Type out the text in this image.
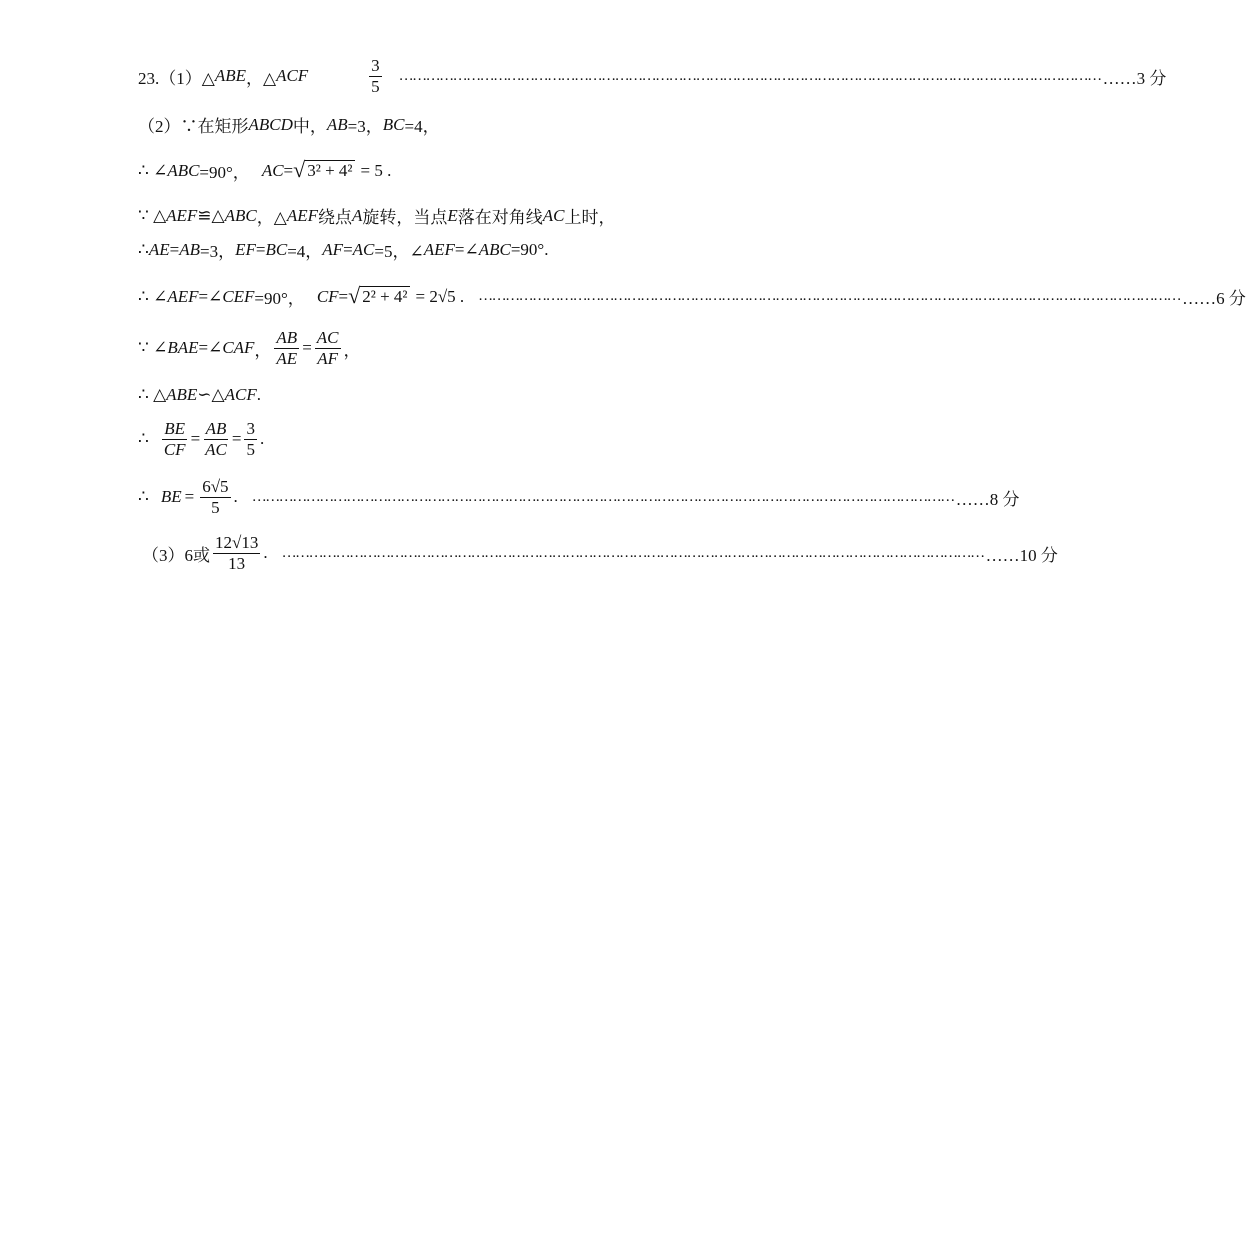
23.（1）△ ABE ，△ ACF	$\frac{3}{5}$ ………………………………………………………………………………………………………………………………………… ……3 分
（2）∵在矩形 ABCD 中， AB =3， BC =4，
∴ ∠ ABC =90°， AC = √ 3² + 4² = 5 .
∵ △ AEF ≌△ ABC ，△ AEF 绕点 A 旋转，当点 E 落在对角线 AC 上时，
∴ AE = AB =3， EF = BC =4， AF = AC =5，∠ AEF =∠ ABC =90°.
∴ ∠ AEF =∠ CEF =90°， CF = √ 2² + 4² = 2√5 . ………………………………………………………………………………………………………………………………………… ……6 分
∵ ∠ BAE =∠ CAF ， $\frac{AB}{AE} = \frac{AC}{AF}$ ，
∴ △ ABE ∽△ ACF .
∴ $\frac{BE}{CF} = \frac{AB}{AC} = \frac{3}{5}$ .
∴ BE = $\frac{6√5}{5}$ . ………………………………………………………………………………………………………………………………………… ……8 分
（3）6或 $\frac{12√13}{13}$ . ………………………………………………………………………………………………………………………………………… ……10 分
